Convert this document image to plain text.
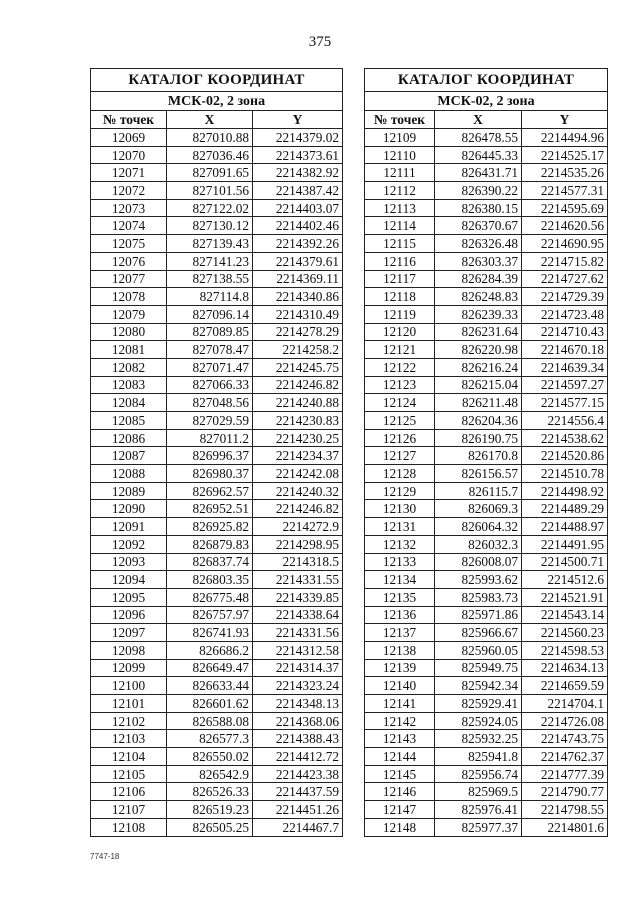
375
КАТАЛОГ КООРДИНАТ		
МСК-02, 2 зона		
№ точек	X	Y
12069	827010.88	2214379.02
12070	827036.46	2214373.61
12071	827091.65	2214382.92
12072	827101.56	2214387.42
12073	827122.02	2214403.07
12074	827130.12	2214402.46
12075	827139.43	2214392.26
12076	827141.23	2214379.61
12077	827138.55	2214369.11
12078	827114.8	2214340.86
12079	827096.14	2214310.49
12080	827089.85	2214278.29
12081	827078.47	2214258.2
12082	827071.47	2214245.75
12083	827066.33	2214246.82
12084	827048.56	2214240.88
12085	827029.59	2214230.83
12086	827011.2	2214230.25
12087	826996.37	2214234.37
12088	826980.37	2214242.08
12089	826962.57	2214240.32
12090	826952.51	2214246.82
12091	826925.82	2214272.9
12092	826879.83	2214298.95
12093	826837.74	2214318.5
12094	826803.35	2214331.55
12095	826775.48	2214339.85
12096	826757.97	2214338.64
12097	826741.93	2214331.56
12098	826686.2	2214312.58
12099	826649.47	2214314.37
12100	826633.44	2214323.24
12101	826601.62	2214348.13
12102	826588.08	2214368.06
12103	826577.3	2214388.43
12104	826550.02	2214412.72
12105	826542.9	2214423.38
12106	826526.33	2214437.59
12107	826519.23	2214451.26
12108	826505.25	2214467.7
КАТАЛОГ КООРДИНАТ		
МСК-02, 2 зона		
№ точек	X	Y
12109	826478.55	2214494.96
12110	826445.33	2214525.17
12111	826431.71	2214535.26
12112	826390.22	2214577.31
12113	826380.15	2214595.69
12114	826370.67	2214620.56
12115	826326.48	2214690.95
12116	826303.37	2214715.82
12117	826284.39	2214727.62
12118	826248.83	2214729.39
12119	826239.33	2214723.48
12120	826231.64	2214710.43
12121	826220.98	2214670.18
12122	826216.24	2214639.34
12123	826215.04	2214597.27
12124	826211.48	2214577.15
12125	826204.36	2214556.4
12126	826190.75	2214538.62
12127	826170.8	2214520.86
12128	826156.57	2214510.78
12129	826115.7	2214498.92
12130	826069.3	2214489.29
12131	826064.32	2214488.97
12132	826032.3	2214491.95
12133	826008.07	2214500.71
12134	825993.62	2214512.6
12135	825983.73	2214521.91
12136	825971.86	2214543.14
12137	825966.67	2214560.23
12138	825960.05	2214598.53
12139	825949.75	2214634.13
12140	825942.34	2214659.59
12141	825929.41	2214704.1
12142	825924.05	2214726.08
12143	825932.25	2214743.75
12144	825941.8	2214762.37
12145	825956.74	2214777.39
12146	825969.5	2214790.77
12147	825976.41	2214798.55
12148	825977.37	2214801.6
7747-18
